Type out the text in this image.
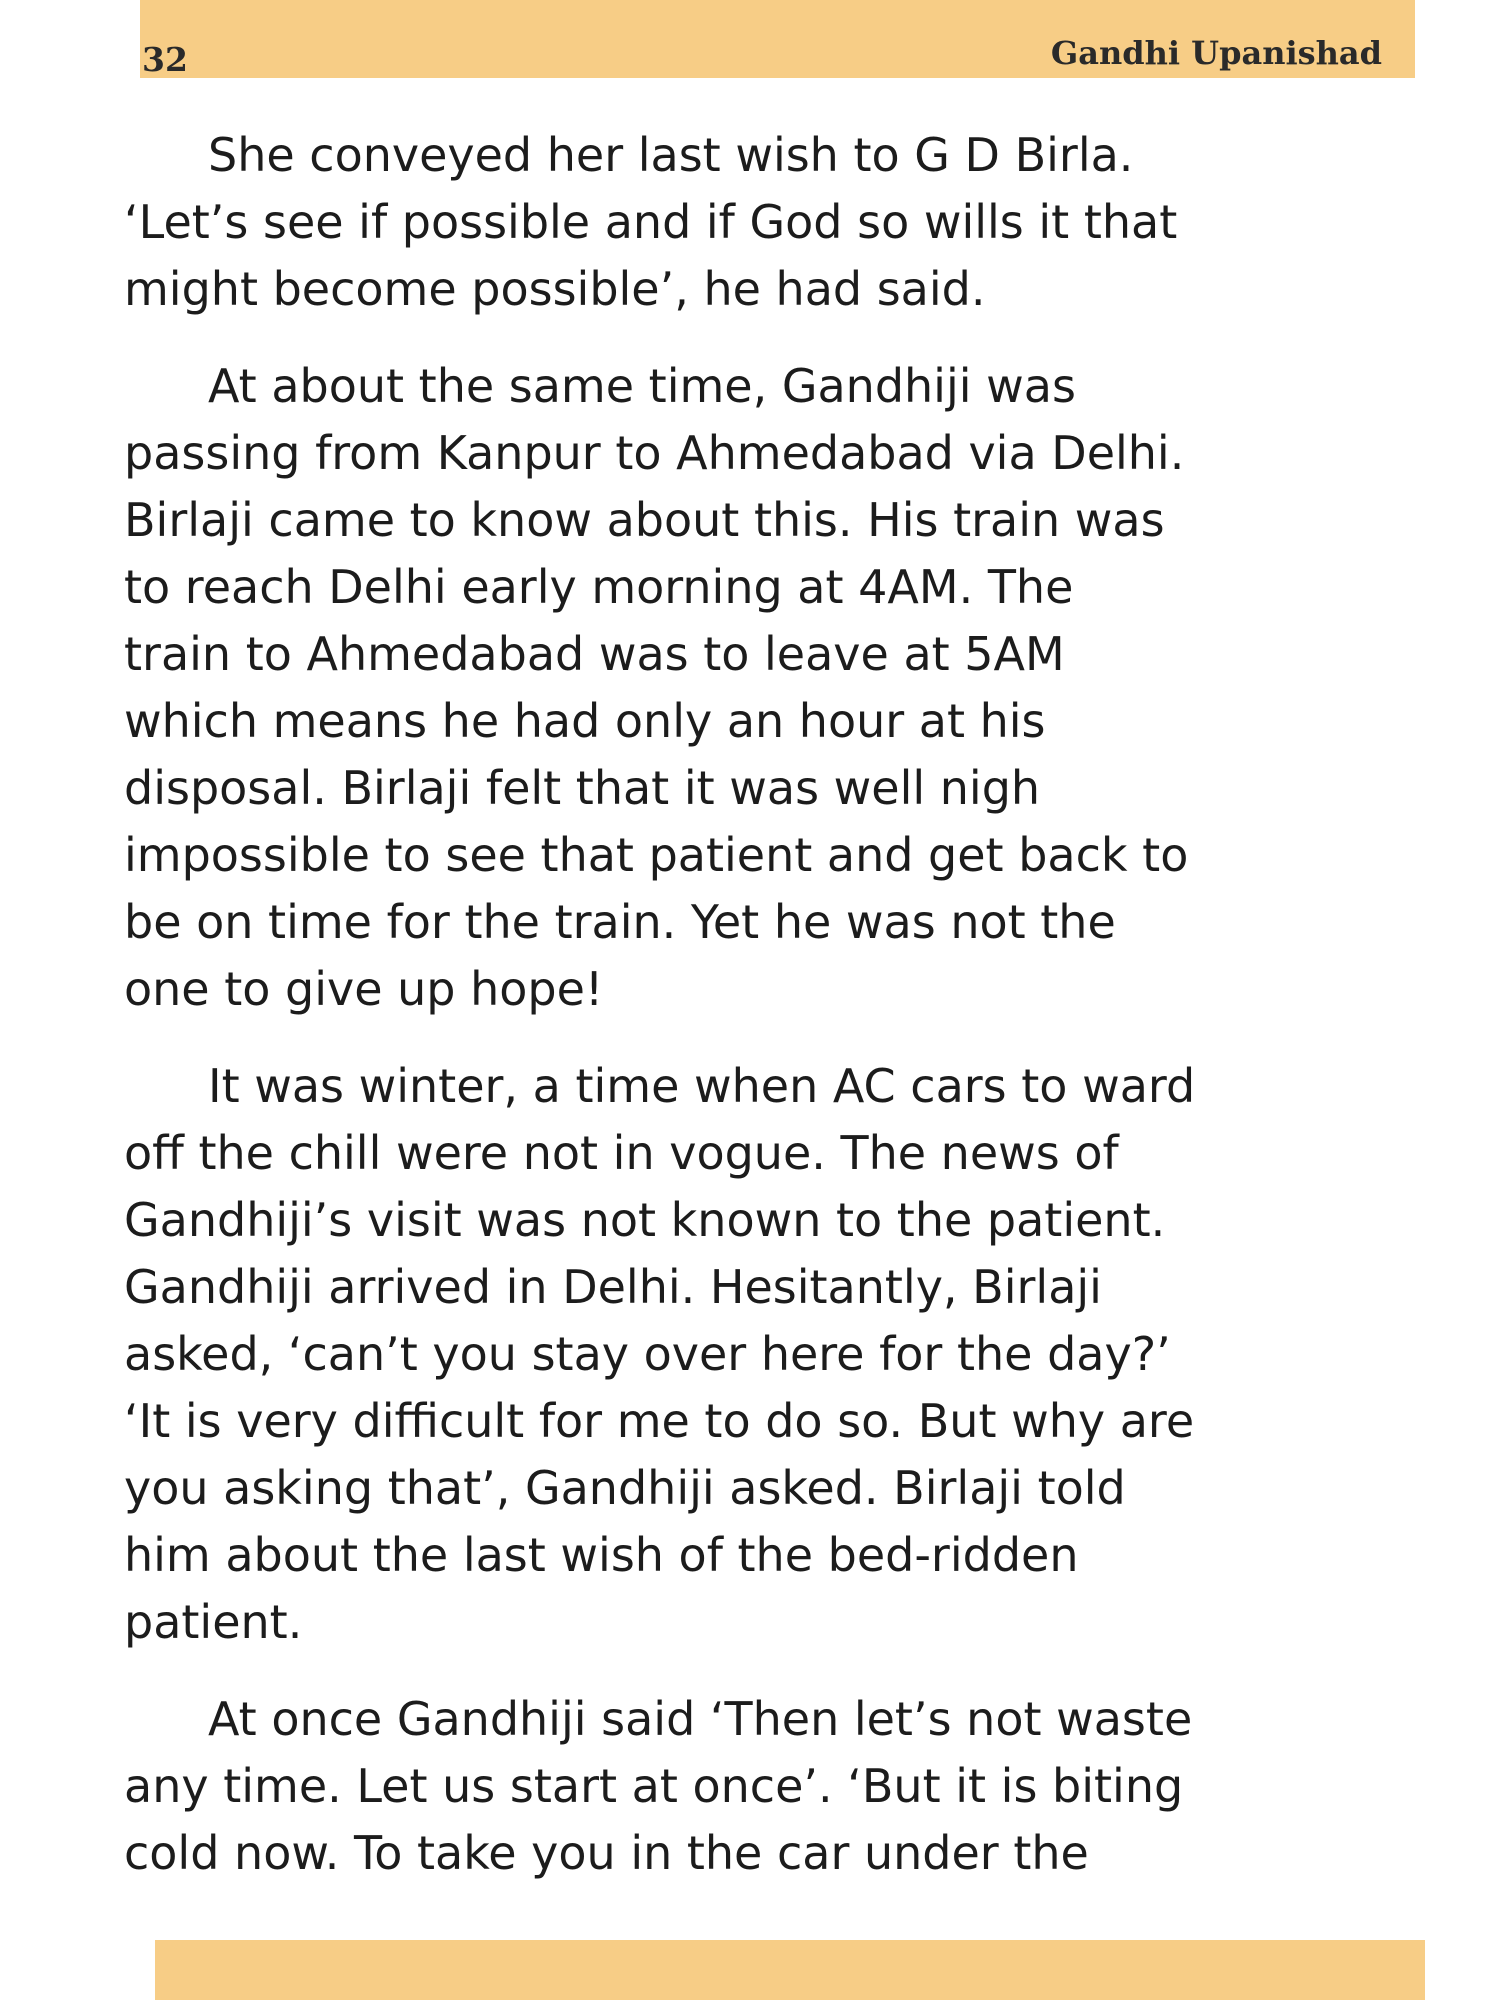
32	Gandhi Upanishad
She conveyed her last wish to G D Birla.
‘Let’s see if possible and if God so wills it that
might become possible’, he had said.
At about the same time, Gandhiji was
passing from Kanpur to Ahmedabad via Delhi.
Birlaji came to know about this. His train was
to reach Delhi early morning at 4AM. The
train to Ahmedabad was to leave at 5AM
which means he had only an hour at his
disposal. Birlaji felt that it was well nigh
impossible to see that patient and get back to
be on time for the train. Yet he was not the
one to give up hope!
It was winter, a time when AC cars to ward
off the chill were not in vogue. The news of
Gandhiji’s visit was not known to the patient.
Gandhiji arrived in Delhi. Hesitantly, Birlaji
asked, ‘can’t you stay over here for the day?’
‘It is very difficult for me to do so. But why are
you asking that’, Gandhiji asked. Birlaji told
him about the last wish of the bed-ridden
patient.
At once Gandhiji said ‘Then let’s not waste
any time. Let us start at once’. ‘But it is biting
cold now. To take you in the car under the
